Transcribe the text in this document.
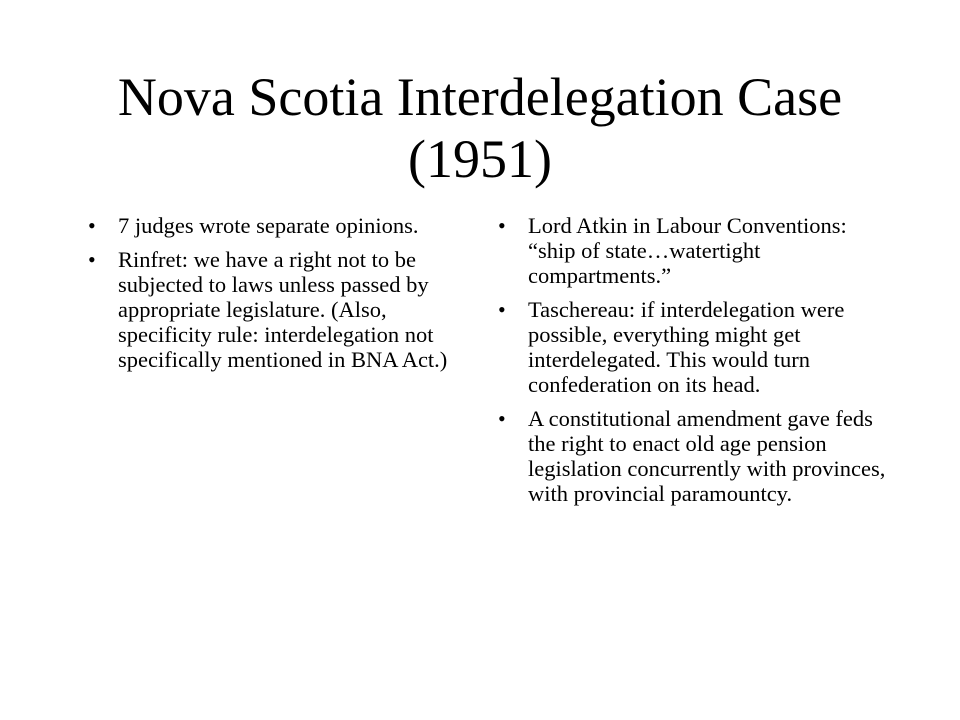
Nova Scotia Interdelegation Case (1951)
• 7 judges wrote separate opinions.
• Rinfret: we have a right not to be subjected to laws unless passed by appropriate legislature. (Also, specificity rule: interdelegation not specifically mentioned in BNA Act.)
• Lord Atkin in Labour Conventions: “ship of state…watertight compartments.”
• Taschereau: if interdelegation were possible, everything might get interdelegated. This would turn confederation on its head.
• A constitutional amendment gave feds the right to enact old age pension legislation concurrently with provinces, with provincial paramountcy.
